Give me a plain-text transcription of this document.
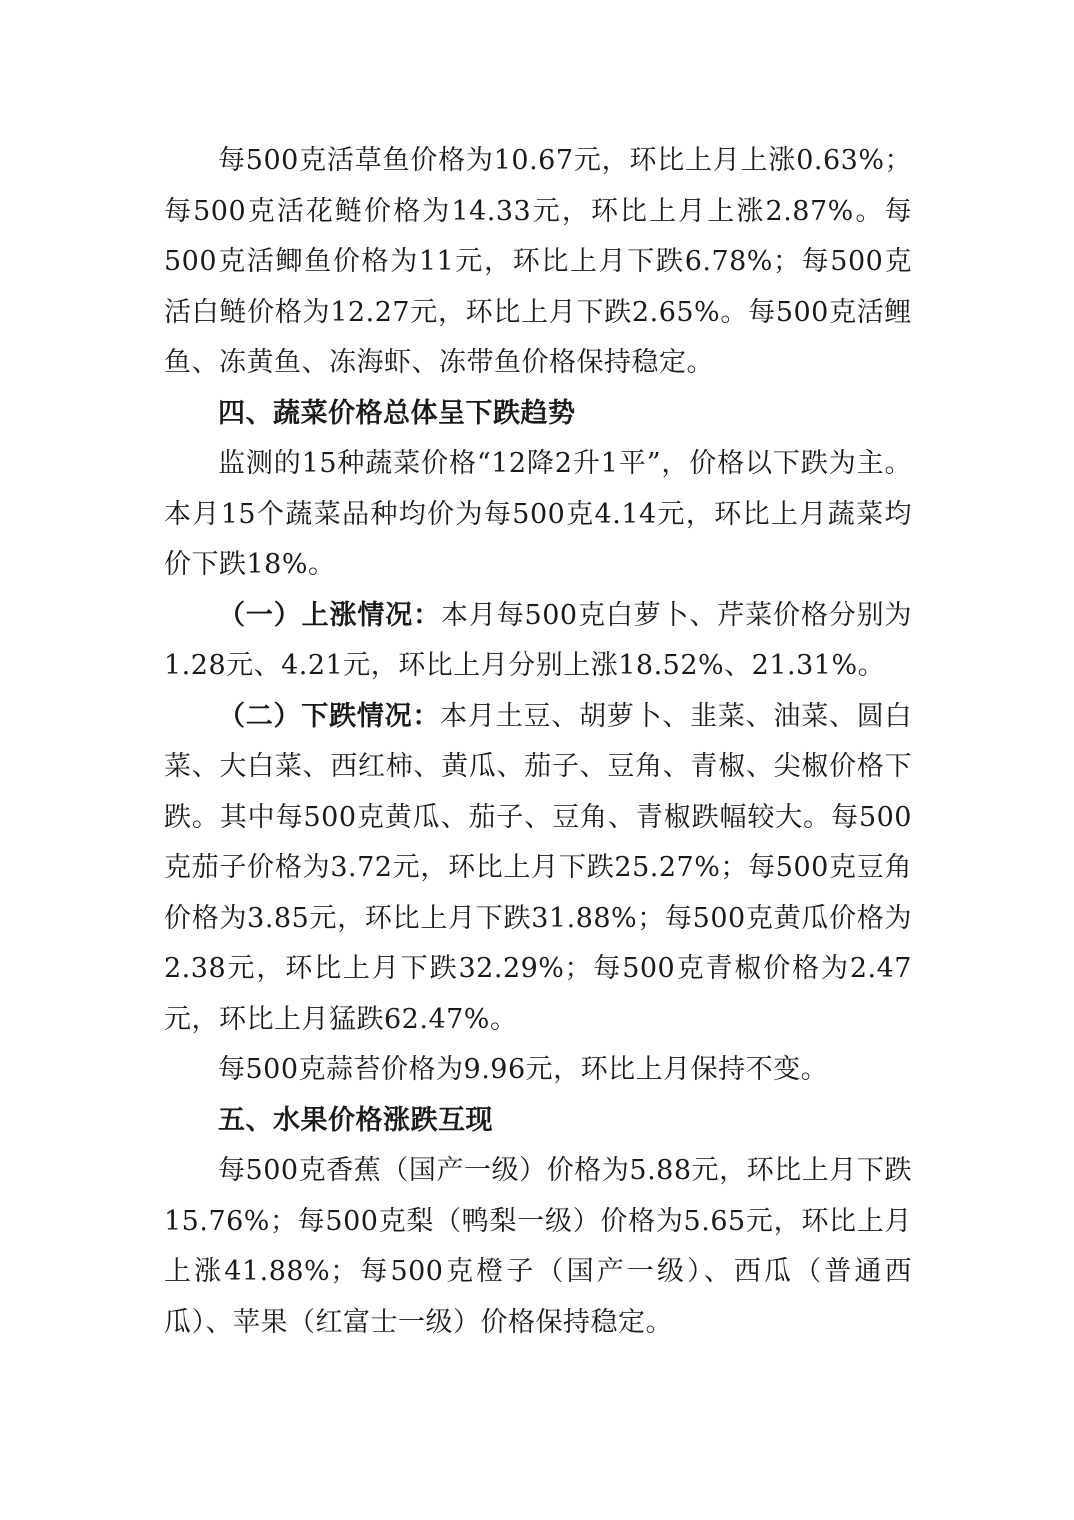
每500克活草鱼价格为10.67元，环比上月上涨0.63%；每500克活花鲢价格为14.33元，环比上月上涨2.87%。每500克活鲫鱼价格为11元，环比上月下跌6.78%；每500克活白鲢价格为12.27元，环比上月下跌2.65%。每500克活鲤鱼、冻黄鱼、冻海虾、冻带鱼价格保持稳定。

四、蔬菜价格总体呈下跌趋势

监测的15种蔬菜价格“12降2升1平”，价格以下跌为主。本月15个蔬菜品种均价为每500克4.14元，环比上月蔬菜均价下跌18%。

（一）上涨情况：本月每500克白萝卜、芹菜价格分别为1.28元、4.21元，环比上月分别上涨18.52%、21.31%。

（二）下跌情况：本月土豆、胡萝卜、韭菜、油菜、圆白菜、大白菜、西红柿、黄瓜、茄子、豆角、青椒、尖椒价格下跌。其中每500克黄瓜、茄子、豆角、青椒跌幅较大。每500克茄子价格为3.72元，环比上月下跌25.27%；每500克豆角价格为3.85元，环比上月下跌31.88%；每500克黄瓜价格为2.38元，环比上月下跌32.29%；每500克青椒价格为2.47元，环比上月猛跌62.47%。

每500克蒜苔价格为9.96元，环比上月保持不变。

五、水果价格涨跌互现

每500克香蕉（国产一级）价格为5.88元，环比上月下跌15.76%；每500克梨（鸭梨一级）价格为5.65元，环比上月上涨41.88%；每500克橙子（国产一级）、西瓜（普通西瓜）、苹果（红富士一级）价格保持稳定。
